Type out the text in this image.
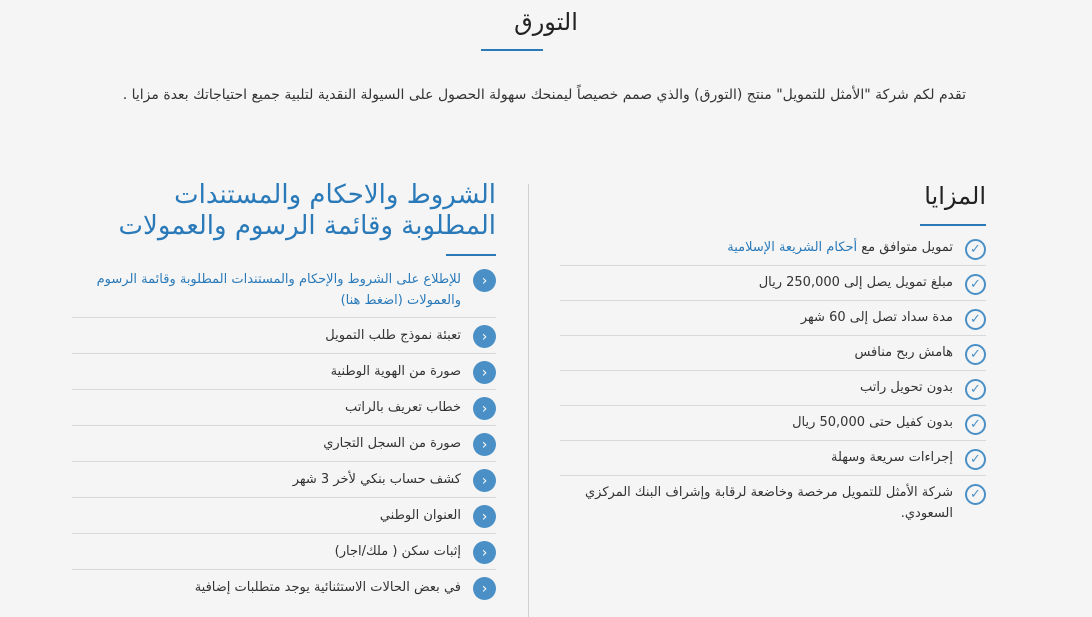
التورق

تقدم لكم شركة "الأمثل للتمويل" منتج (التورق) والذي صمم خصيصاً ليمنحك سهولة الحصول على السيولة النقدية لتلبية جميع احتياجاتك بعدة مزايا .

المزايا
✓
تمويل متوافق مع أحكام الشريعة الإسلامية
✓
مبلغ تمويل يصل إلى 250,000 ريال
✓
مدة سداد تصل إلى 60 شهر
✓
هامش ربح منافس
✓
بدون تحويل راتب
✓
بدون كفيل حتى 50,000 ريال
✓
إجراءات سريعة وسهلة
✓
شركة الأمثل للتمويل مرخصة وخاضعة لرقابة وإشراف البنك المركزي السعودي.
الشروط والاحكام والمستندات المطلوبة وقائمة الرسوم والعمولات
‹
للإطلاع على الشروط والإحكام والمستندات المطلوبة وقائمة الرسوم والعمولات (اضغط هنا)
‹
تعبئة نموذج طلب التمويل
‹
صورة من الهوية الوطنية
‹
خطاب تعريف بالراتب
‹
صورة من السجل التجاري
‹
كشف حساب بنكي لأخر 3 شهر
‹
العنوان الوطني
‹
إثبات سكن ( ملك/اجار)
‹
في بعض الحالات الاستثنائية يوجد متطلبات إضافية
